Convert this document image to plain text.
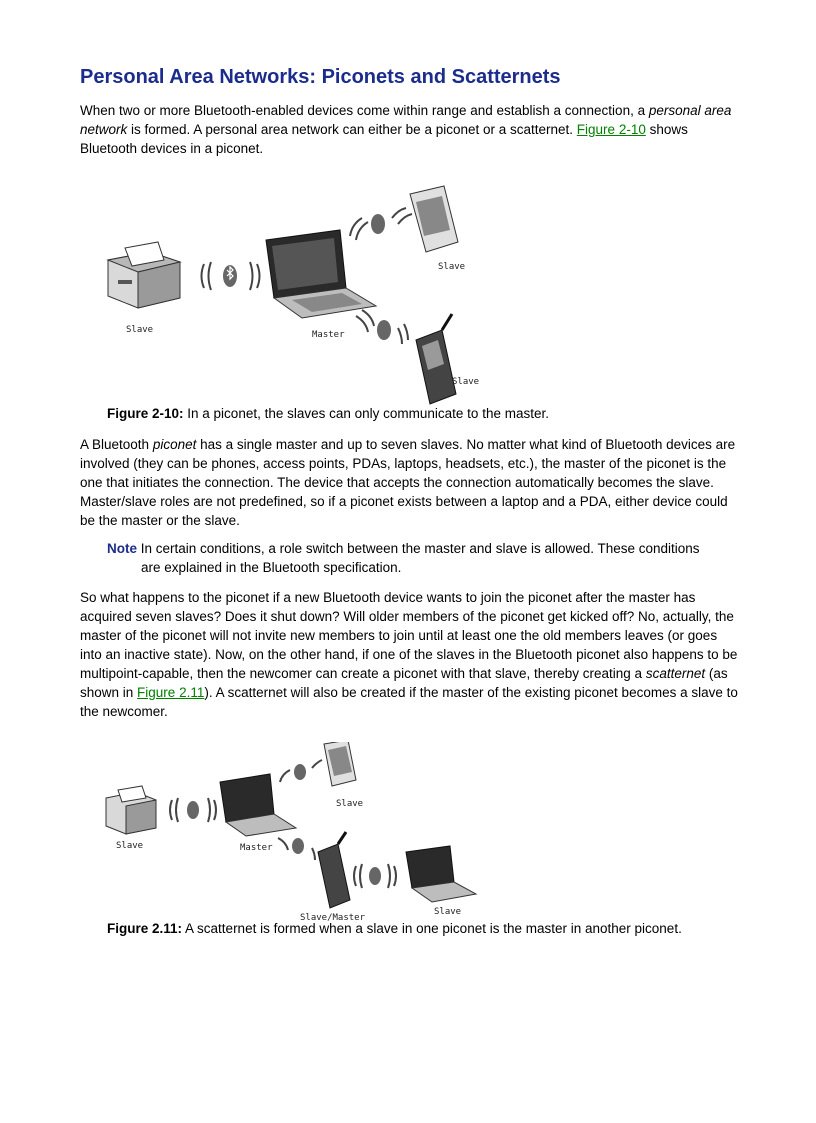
Personal Area Networks: Piconets and Scatternets

When two or more Bluetooth-enabled devices come within range and establish a connection, a personal area network is formed. A personal area network can either be a piconet or a scatternet. Figure 2-10 shows Bluetooth devices in a piconet.

Slave	Master
Slave
Slave
Figure 2-10: In a piconet, the slaves can only communicate to the master.

A Bluetooth piconet has a single master and up to seven slaves. No matter what kind of Bluetooth devices are involved (they can be phones, access points, PDAs, laptops, headsets, etc.), the master of the piconet is the one that initiates the connection. The device that accepts the connection automatically becomes the slave. Master/slave roles are not predefined, so if a piconet exists between a laptop and a PDA, either device could be the master or the slave.

Note In certain conditions, a role switch between the master and slave is allowed. These conditions
are explained in the Bluetooth specification.

So what happens to the piconet if a new Bluetooth device wants to join the piconet after the master has acquired seven slaves? Does it shut down? Will older members of the piconet get kicked off? No, actually, the master of the piconet will not invite new members to join until at least one the old members leaves (or goes into an inactive state). Now, on the other hand, if one of the slaves in the Bluetooth piconet also happens to be multipoint-capable, then the newcomer can create a piconet with that slave, thereby creating a scatternet (as shown in Figure 2.11). A scatternet will also be created if the master of the existing piconet becomes a slave to the newcomer.

Slave	Master
Slave
Slave/Master
Slave
Figure 2.11: A scatternet is formed when a slave in one piconet is the master in another piconet.
